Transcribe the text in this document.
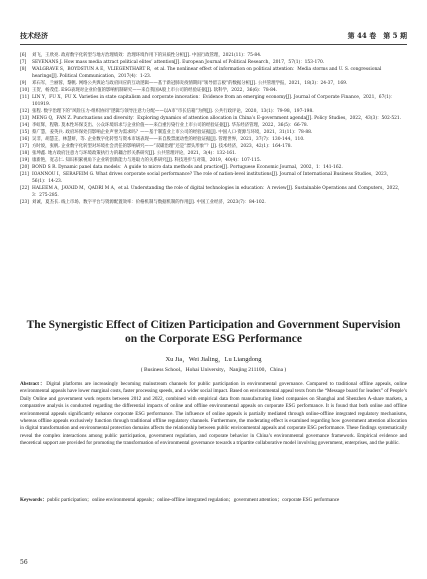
技术经济	第 44 卷　第 5 期
[6] 刘飞，王欣亮. 政府数字化转型与地方治理绩效：治理环境作用下的异质性分析[J]. 中国行政管理，2021(11)：75-84.
[7] SEVENANS J. How mass media attract political elites’ attention[J]. European Journal of Political Research，2017，57(1)：153-170.
[8] WALGRAVE S，BOYDSTUN A E，VLIEGENTHART R，et al. The nonlinear effect of information on political attention：Media storms and U. S. congressional hearings[J]. Political Communication，2017(4)：1-23.
[9] 邓石军，兰丽蓉，黎帆. 网络公共舆论与政府回应的互动逻辑——基于新冠肺炎疫情期间“领导留言板”的数据分析[J]. 公共管理学报，2021，18(3)：24-37，169.
[10] 王贺，杨茂佳. ESG表现对企业价值的影响机制研究——来自我国A股上市公司的经验证据[J]. 软科学，2022，36(6)：78-84.
[11] LIN Y，FU X，FU X. Varieties in state capitalism and corporate innovation：Evidence from an emerging economy[J]. Journal of Corporate Finance，2021，67(1)：101919.
[12] 张程. 数字治理下的“风险压力-组织协同”逻辑与领导注意力分配——以A市“市长信箱”为例[J]. 公共行政评论，2020，13(1)：79-98，197-198.
[13] MENG Q，FAN Z. Punctuations and diversity：Exploring dynamics of attention allocation in China’s E-government agenda[J]. Policy Studies，2022，43(3)：502-521.
[14] 李虹辉，程敬. 莫本性环保支出、公众环境诉求与企业价值——来自重污染行业上市公司的经验证据[J]. 华东经济管理，2022，36(5)：66-78.
[15] 蔡广慧，姜英兵. 政府环保处罚影响企业声誉为需求吗？——基于制造业上市公司的经验证据[J]. 中国人口·资源与环境，2021，31(11)：78-88.
[16] 吴非，胡慧芷，林慧妍，等. 企业数字化转型与资本市场表现——来自股票流动性的经验证据[J]. 管理世界，2021，37(7)：130-144，110.
[17] 方时姣，张帆. 企业数字化转型对环境社会责任的影响研究——“双碳治理”还是“漂头形象”？[J]. 技术经济，2023，42(1)：164-178.
[18] 张坤鑫. 地方政府注意力与环境政策执行力的耦合形关系研究[J]. 公共管理评论，2021，3(4)：132-161.
[19] 康新艳，宽志仁. 知识积累视角下企业转创新能力与进取力的关系研究[J]. 科技进步与对策，2019，40(4)：107-115.
[20] BOND S R. Dynamic panel data models：A guide to micro data methods and practice[J]. Portuguese Economic Journal，2002，1：141-162.
[21] IOANNOU I，SERAFEIM G. What drives corporate social performance? The role of nation-level institutions[J]. Journal of International Business Studies，2023，56(1)：14-23.
[22] HALEEM A，JAVAID M，QADRI M A，et al. Understanding the role of digital technologies in education：A review[J]. Sustainable Operations and Computers，2022，3：275-285.
[23] 刘诚，夏杰长. 线上市场、数字平台与资源配置效率：价格机制与数据机制的作用[J]. 中国工业经济，2023(7)：84-102.
The Synergistic Effect of Citizen Participation and Government Supervision on the Corporate ESG Performance
Xu Jia，Wei Jialing，Lu Liangdong
( Business School，Hohai University，Nanjing 211100，China )
Abstract：Digital platforms are increasingly becoming mainstream channels for public participation in environmental governance. Compared to traditional offline appeals, online environmental appeals have lower marginal costs, faster processing speeds, and a wider social impact. Based on environmental appeal texts from the “Message board for leaders” of People’s Daily Online and government work reports between 2012 and 2022, combined with empirical data from manufacturing listed companies on Shanghai and Shenzhen A-share markets, a comparative analysis is conducted regarding the differential impacts of online and offline environmental appeals on corporate ESG performance. It is found that both online and offline environmental appeals significantly enhance corporate ESG performance. The influence of online appeals is partially mediated through online-offline integrated regulatory mechanisms, whereas offline appeals exclusively function through traditional offline regulatory channels. Furthermore, the moderating effect is examined regarding how government attention allocation in digital transformation and environmental protection domains affects the relationship between public environmental appeals and corporate ESG performance. These findings systematically reveal the complex interactions among public participation, government regulation, and corporate behavior in China’s environmental governance framework. Empirical evidence and theoretical support are provided for promoting the transformation of environmental governance towards a tripartite collaborative model involving government, enterprises, and the public.
Keywords：public participation；online environmental appeals；online-offline integrated regulation；government attention；corporate ESG performance
56
